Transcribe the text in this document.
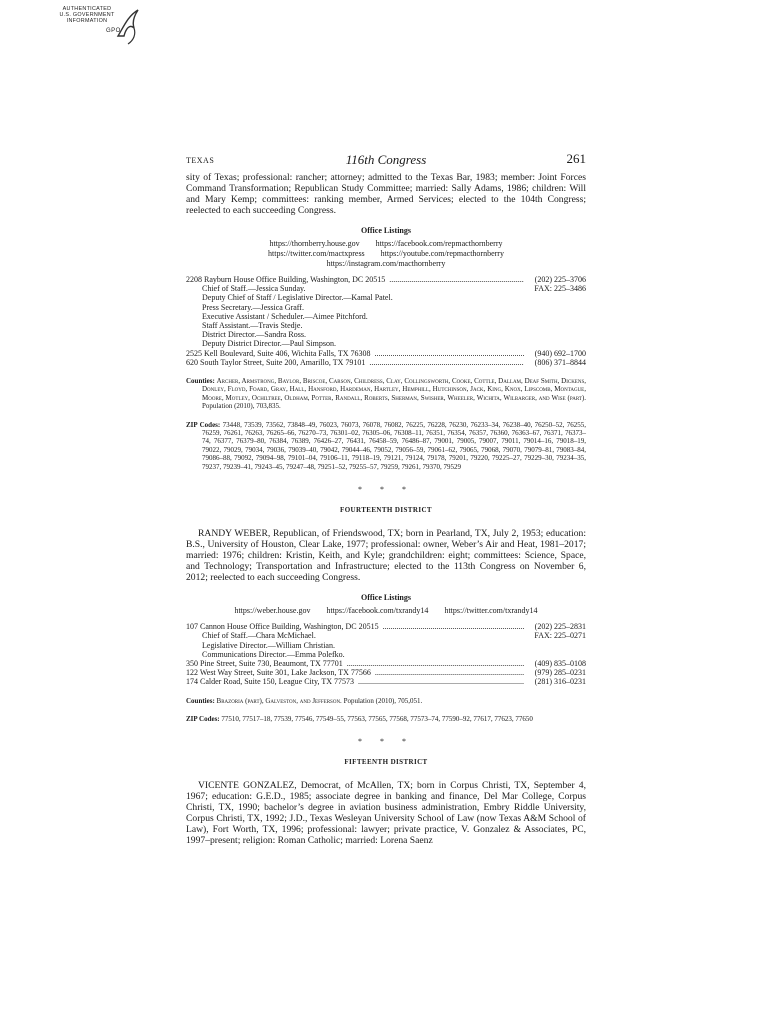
AUTHENTICATED
U.S. GOVERNMENT
INFORMATION
GPO
TEXAS	116th Congress	261

sity of Texas; professional: rancher; attorney; admitted to the Texas Bar, 1983; member: Joint Forces Command Transformation; Republican Study Committee; married: Sally Adams, 1986; children: Will and Mary Kemp; committees: ranking member, Armed Services; elected to the 104th Congress; reelected to each succeeding Congress.

Office Listings
https://thornberry.house.gov https://facebook.com/repmacthornberry
https://twitter.com/mactxpress https://youtube.com/repmacthornberry
https://instagram.com/macthornberry
2208 Rayburn House Office Building, Washington, DC 20515 .....	(202) 225–3706
Chief of Staff.—Jessica Sunday.	FAX: 225–3486
Deputy Chief of Staff / Legislative Director.—Kamal Patel.
Press Secretary.—Jessica Graff.
Executive Assistant / Scheduler.—Aimee Pitchford.
Staff Assistant.—Travis Stedje.
District Director.—Sandra Ross.
Deputy District Director.—Paul Simpson.
2525 Kell Boulevard, Suite 406, Wichita Falls, TX 76308 .....	(940) 692–1700
620 South Taylor Street, Suite 200, Amarillo, TX 79101 .....	(806) 371–8844
Counties: Archer, Armstrong, Baylor, Briscoe, Carson, Childress, Clay, Collingsworth, Cooke, Cottle, Dallam, Deaf Smith, Dickens, Donley, Floyd, Foard, Gray, Hall, Hansford, Hardeman, Hartley, Hemphill, Hutchinson, Jack, King, Knox, Lipscomb, Montague, Moore, Motley, Ochiltree, Oldham, Potter, Randall, Roberts, Sherman, Swisher, Wheeler, Wichita, Wilbarger, and Wise (part). Population (2010), 703,835.
ZIP Codes: 73448, 73539, 73562, 73848–49, 76023, 76073, 76078, 76082, 76225, 76228, 76230, 76233–34, 76238–40, 76250–52, 76255, 76259, 76261, 76263, 76265–66, 76270–73, 76301–02, 76305–06, 76308–11, 76351, 76354, 76357, 76360, 76363–67, 76371, 76373–74, 76377, 76379–80, 76384, 76389, 76426–27, 76431, 76458–59, 76486–87, 79001, 79005, 79007, 79011, 79014–16, 79018–19, 79022, 79029, 79034, 79036, 79039–40, 79042, 79044–46, 79052, 79056–59, 79061–62, 79065, 79068, 79070, 79079–81, 79083–84, 79086–88, 79092, 79094–98, 79101–04, 79106–11, 79118–19, 79121, 79124, 79178, 79201, 79220, 79225–27, 79229–30, 79234–35, 79237, 79239–41, 79243–45, 79247–48, 79251–52, 79255–57, 79259, 79261, 79370, 79529
* * *
FOURTEENTH DISTRICT

RANDY WEBER, Republican, of Friendswood, TX; born in Pearland, TX, July 2, 1953; education: B.S., University of Houston, Clear Lake, 1977; professional: owner, Weber’s Air and Heat, 1981–2017; married: 1976; children: Kristin, Keith, and Kyle; grandchildren: eight; committees: Science, Space, and Technology; Transportation and Infrastructure; elected to the 113th Congress on November 6, 2012; reelected to each succeeding Congress.

Office Listings
https://weber.house.gov https://facebook.com/txrandy14 https://twitter.com/txrandy14
107 Cannon House Office Building, Washington, DC 20515 .....	(202) 225–2831
Chief of Staff.—Chara McMichael.	FAX: 225–0271
Legislative Director.—William Christian.
Communications Director.—Emma Polefko.
350 Pine Street, Suite 730, Beaumont, TX 77701 .....	(409) 835–0108
122 West Way Street, Suite 301, Lake Jackson, TX 77566 .....	(979) 285–0231
174 Calder Road, Suite 150, League City, TX 77573 .....	(281) 316–0231
Counties: Brazoria (part), Galveston, and Jefferson. Population (2010), 705,051.
ZIP Codes: 77510, 77517–18, 77539, 77546, 77549–55, 77563, 77565, 77568, 77573–74, 77590–92, 77617, 77623, 77650
* * *
FIFTEENTH DISTRICT

VICENTE GONZALEZ, Democrat, of McAllen, TX; born in Corpus Christi, TX, September 4, 1967; education: G.E.D., 1985; associate degree in banking and finance, Del Mar College, Corpus Christi, TX, 1990; bachelor’s degree in aviation business administration, Embry Riddle University, Corpus Christi, TX, 1992; J.D., Texas Wesleyan University School of Law (now Texas A&M School of Law), Fort Worth, TX, 1996; professional: lawyer; private practice, V. Gonzalez & Associates, PC, 1997–present; religion: Roman Catholic; married: Lorena Saenz
